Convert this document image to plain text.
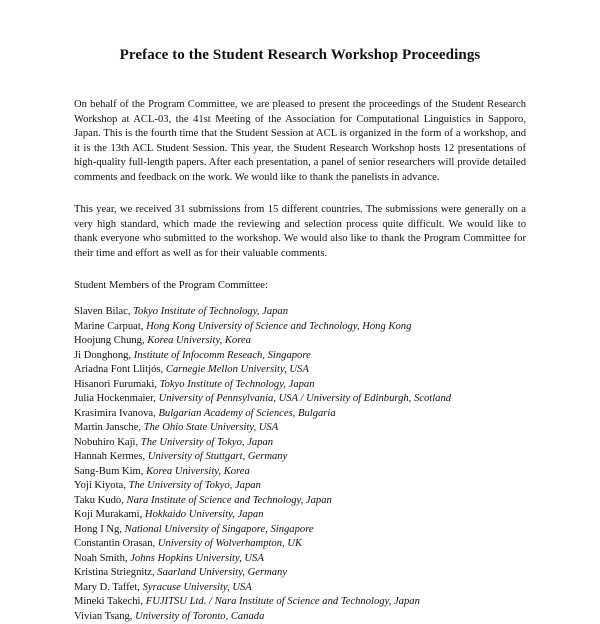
Preface to the Student Research Workshop Proceedings

On behalf of the Program Committee, we are pleased to present the proceedings of the Student Research Workshop at ACL-03, the 41st Meeting of the Association for Computational Linguistics in Sapporo, Japan. This is the fourth time that the Student Session at ACL is organized in the form of a workshop, and it is the 13th ACL Student Session. This year, the Student Research Workshop hosts 12 presentations of high-quality full-length papers. After each presentation, a panel of senior researchers will provide detailed comments and feedback on the work. We would like to thank the panelists in advance.

This year, we received 31 submissions from 15 different countries. The submissions were generally on a very high standard, which made the reviewing and selection process quite difficult. We would like to thank everyone who submitted to the workshop. We would also like to thank the Program Committee for their time and effort as well as for their valuable comments.

Student Members of the Program Committee:

Slaven Bilac, Tokyo Institute of Technology, Japan
Marine Carpuat, Hong Kong University of Science and Technology, Hong Kong
Hoojung Chung, Korea University, Korea
Ji Donghong, Institute of Infocomm Reseach, Singapore
Ariadna Font Llitjós, Carnegie Mellon University, USA
Hisanori Furumaki, Tokyo Institute of Technology, Japan
Julia Hockenmaier, University of Pennsylvania, USA / University of Edinburgh, Scotland
Krasimira Ivanova, Bulgarian Academy of Sciences, Bulgaria
Martin Jansche, The Ohio State University, USA
Nobuhiro Kaji, The University of Tokyo, Japan
Hannah Kermes, University of Stuttgart, Germany
Sang-Bum Kim, Korea University, Korea
Yoji Kiyota, The University of Tokyo, Japan
Taku Kudo, Nara Institute of Science and Technology, Japan
Koji Murakami, Hokkaido University, Japan
Hong I Ng, National University of Singapore, Singapore
Constantin Orasan, University of Wolverhampton, UK
Noah Smith, Johns Hopkins University, USA
Kristina Striegnitz, Saarland University, Germany
Mary D. Taffet, Syracuse University, USA
Mineki Takechi, FUJITSU Ltd. / Nara Institute of Science and Technology, Japan
Vivian Tsang, University of Toronto, Canada
